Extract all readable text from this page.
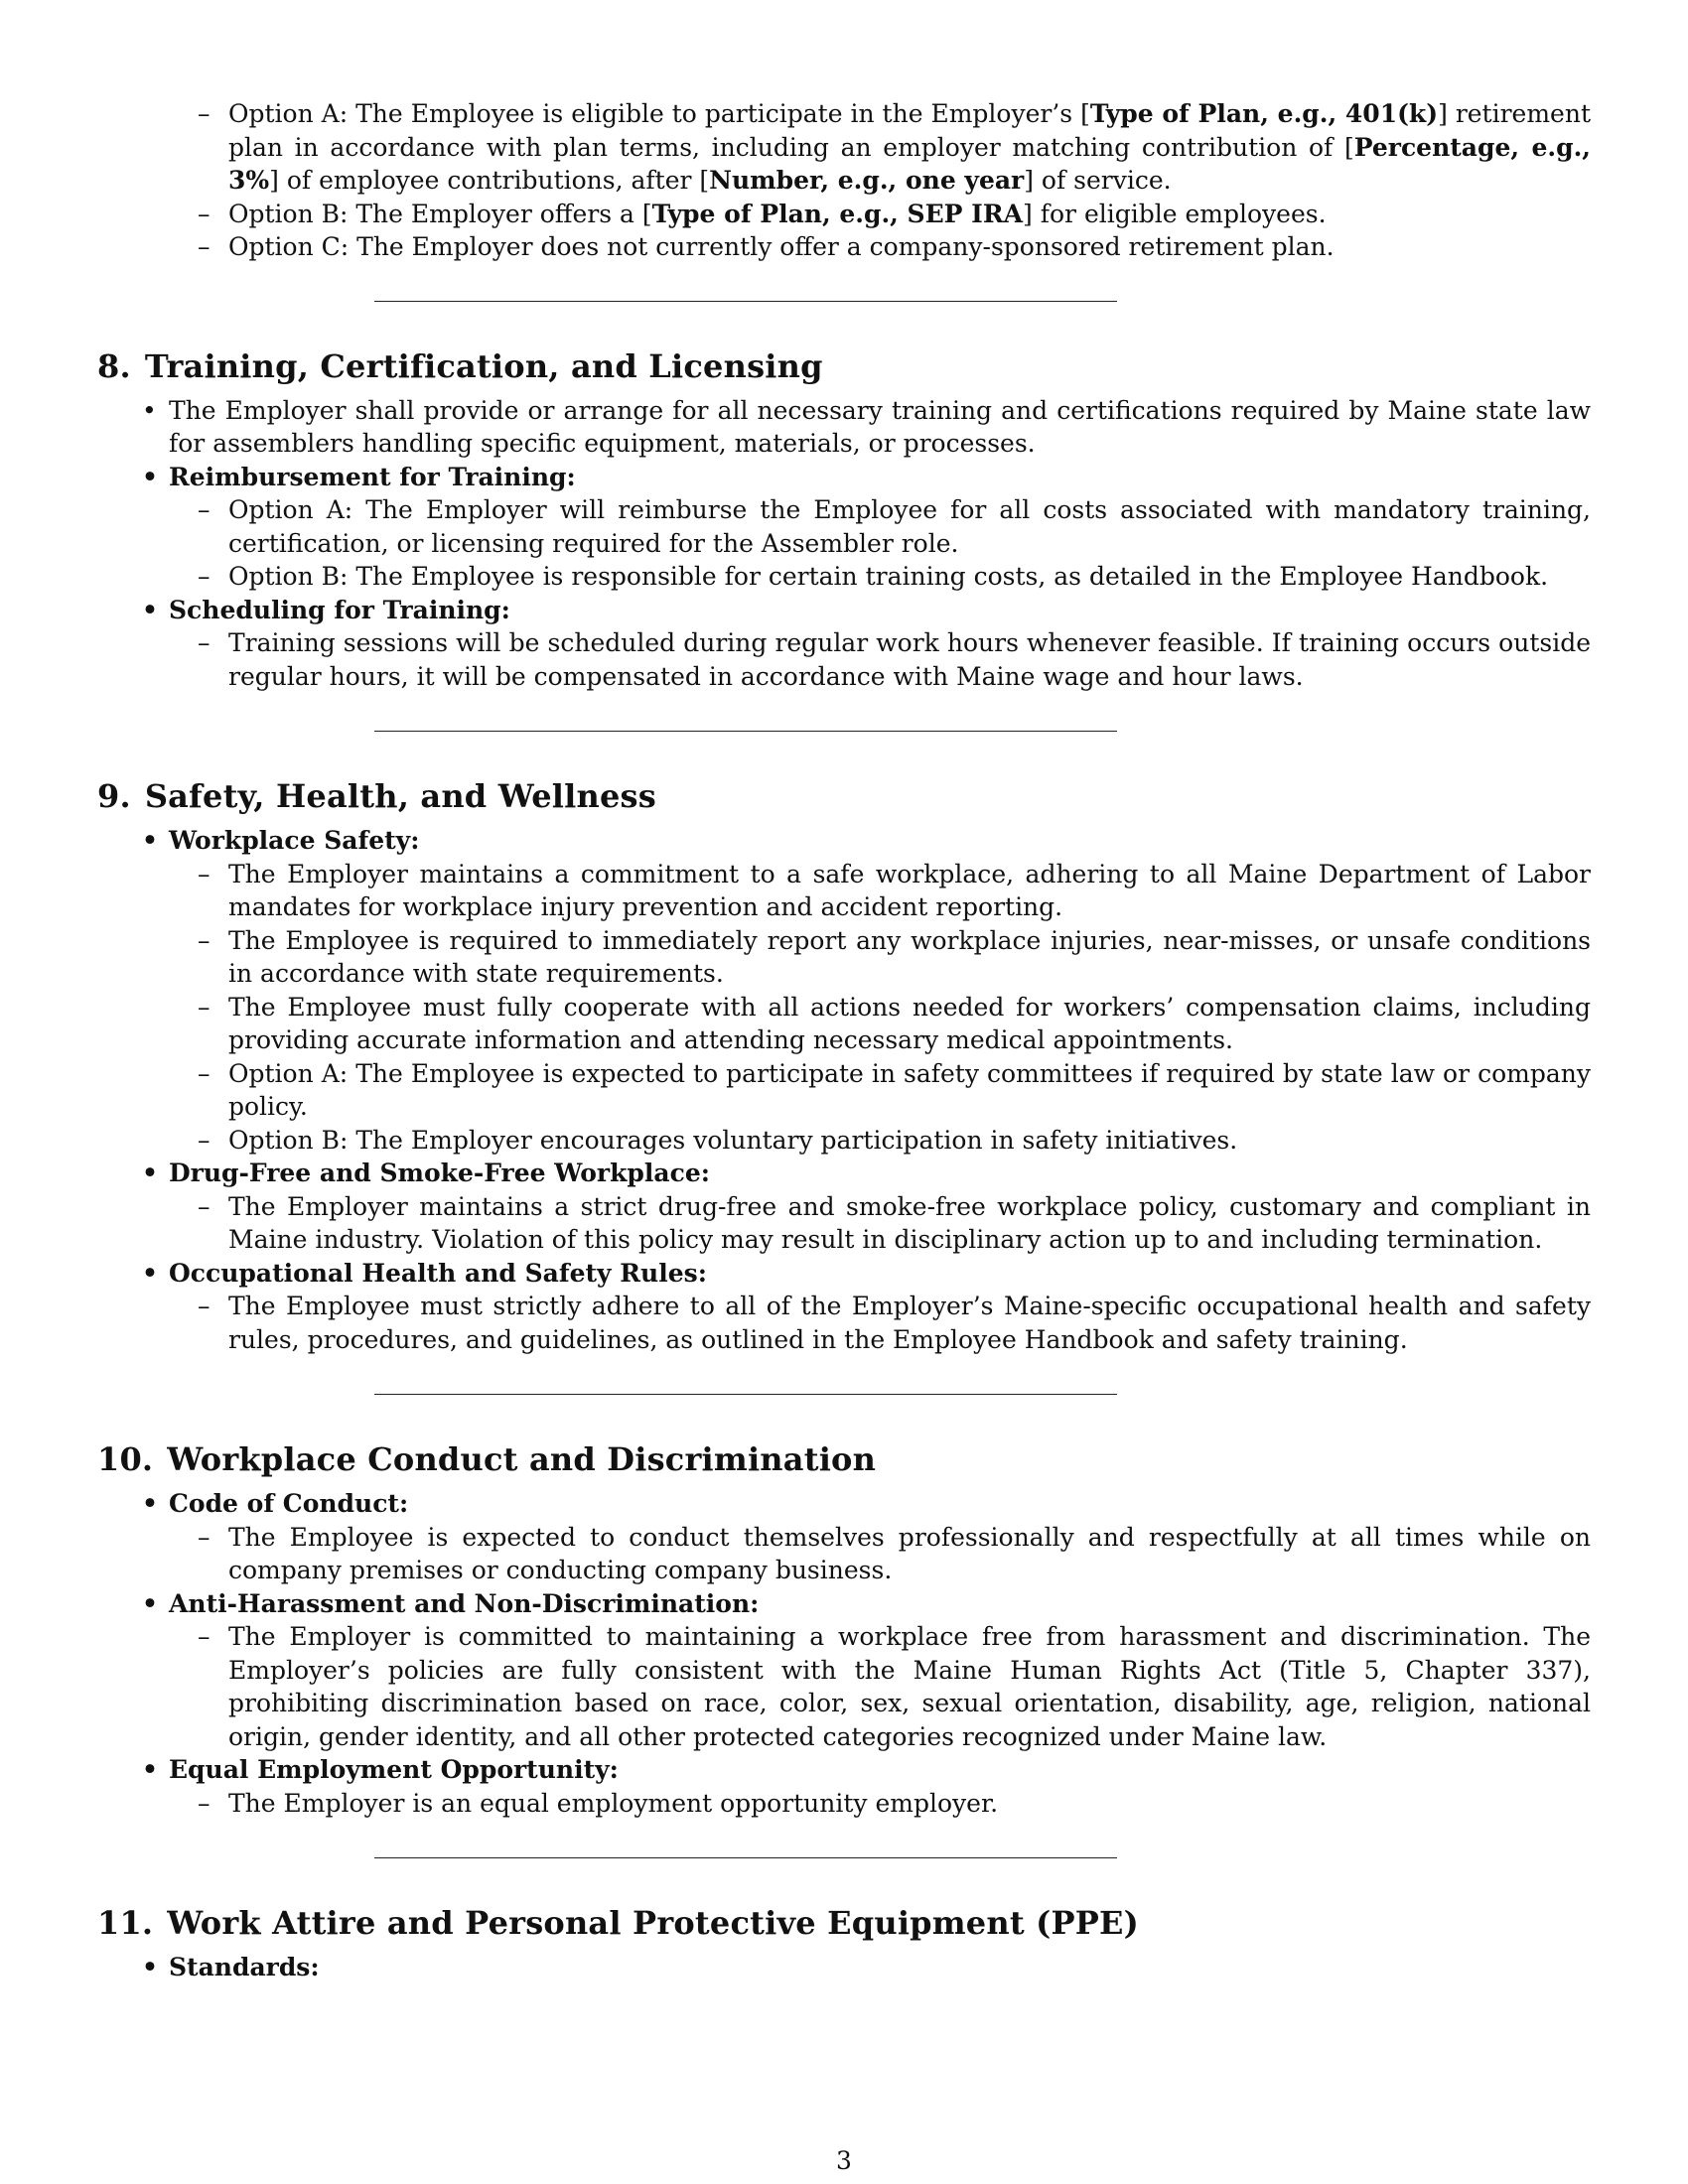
– Option A: The Employee is eligible to participate in the Employer’s [Type of Plan, e.g., 401(k)] retirement plan in accordance with plan terms, including an employer matching contribution of [Percentage, e.g., 3%] of employee contributions, after [Number, e.g., one year] of service.
– Option B: The Employer offers a [Type of Plan, e.g., SEP IRA] for eligible employees.
– Option C: The Employer does not currently offer a company-sponsored retirement plan.
8. Training, Certification, and Licensing
• The Employer shall provide or arrange for all necessary training and certifications required by Maine state law for assemblers handling specific equipment, materials, or processes.
• Reimbursement for Training:
– Option A: The Employer will reimburse the Employee for all costs associated with mandatory training, certification, or licensing required for the Assembler role.
– Option B: The Employee is responsible for certain training costs, as detailed in the Employee Handbook.
• Scheduling for Training:
– Training sessions will be scheduled during regular work hours whenever feasible. If training occurs outside regular hours, it will be compensated in accordance with Maine wage and hour laws.
9. Safety, Health, and Wellness
• Workplace Safety:
– The Employer maintains a commitment to a safe workplace, adhering to all Maine Department of Labor mandates for workplace injury prevention and accident reporting.
– The Employee is required to immediately report any workplace injuries, near-misses, or unsafe conditions in accordance with state requirements.
– The Employee must fully cooperate with all actions needed for workers’ compensation claims, including providing accurate information and attending necessary medical appointments.
– Option A: The Employee is expected to participate in safety committees if required by state law or company policy.
– Option B: The Employer encourages voluntary participation in safety initiatives.
• Drug-Free and Smoke-Free Workplace:
– The Employer maintains a strict drug-free and smoke-free workplace policy, customary and compliant in Maine industry. Violation of this policy may result in disciplinary action up to and including termination.
• Occupational Health and Safety Rules:
– The Employee must strictly adhere to all of the Employer’s Maine-specific occupational health and safety rules, procedures, and guidelines, as outlined in the Employee Handbook and safety training.
10. Workplace Conduct and Discrimination
• Code of Conduct:
– The Employee is expected to conduct themselves professionally and respectfully at all times while on company premises or conducting company business.
• Anti-Harassment and Non-Discrimination:
– The Employer is committed to maintaining a workplace free from harassment and discrimination. The Employer’s policies are fully consistent with the Maine Human Rights Act (Title 5, Chapter 337), prohibiting discrimination based on race, color, sex, sexual orientation, disability, age, religion, national origin, gender identity, and all other protected categories recognized under Maine law.
• Equal Employment Opportunity:
– The Employer is an equal employment opportunity employer.
11. Work Attire and Personal Protective Equipment (PPE)
• Standards:
3
